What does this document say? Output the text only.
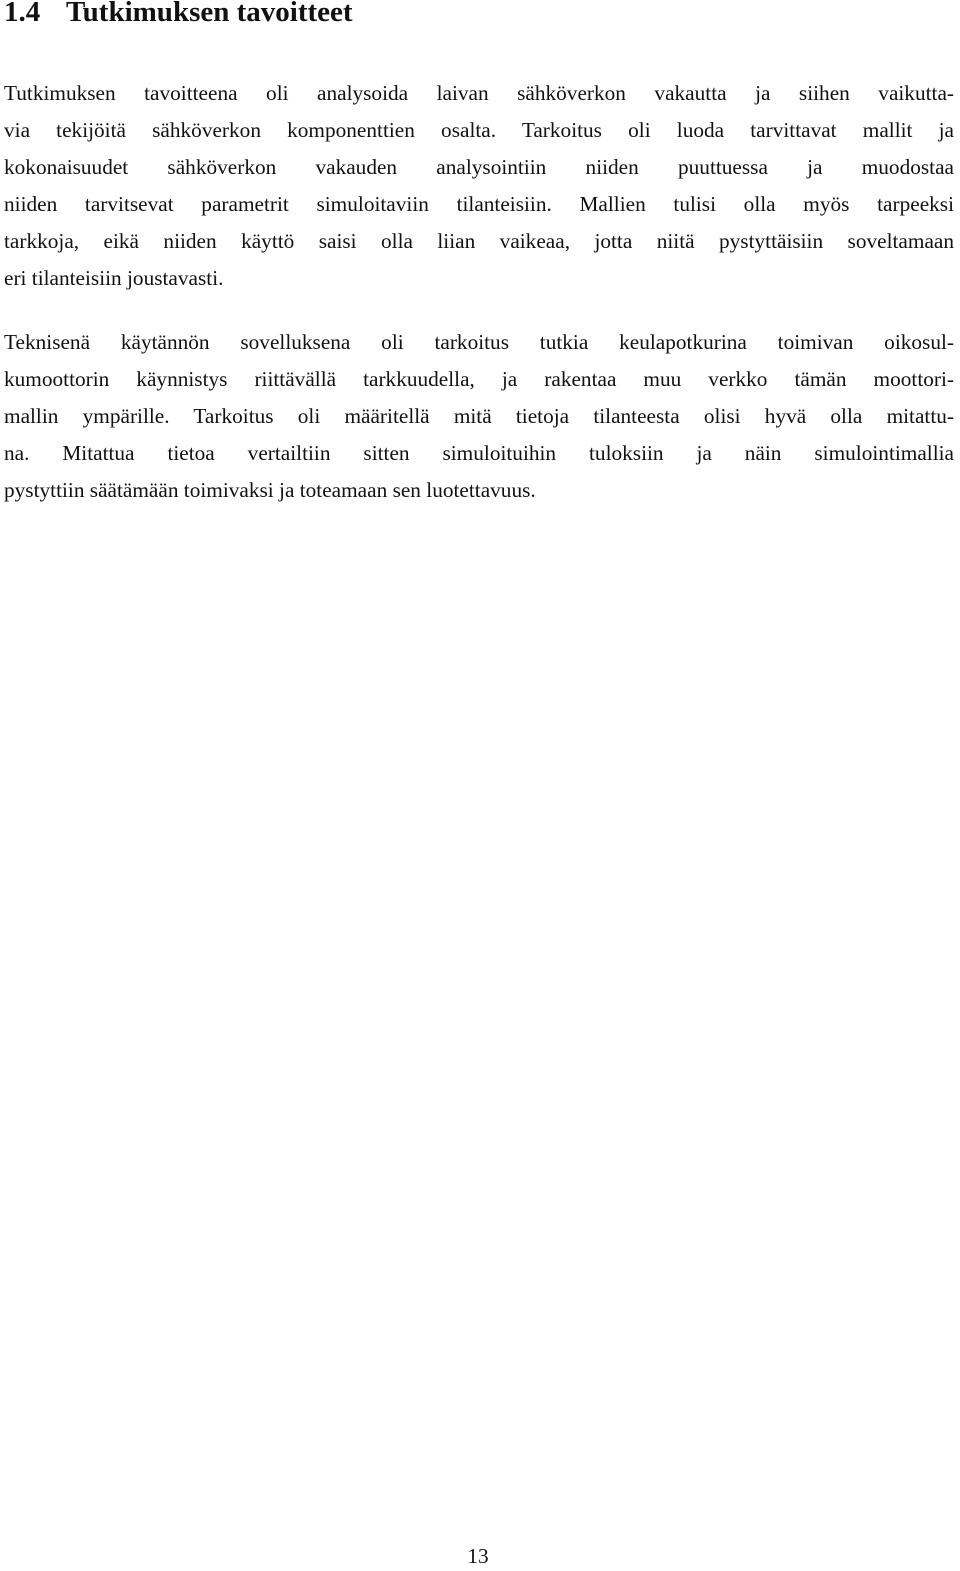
1.4 Tutkimuksen tavoitteet

Tutkimuksen tavoitteena oli analysoida laivan sähköverkon vakautta ja siihen vaikutta-

via tekijöitä sähköverkon komponenttien osalta. Tarkoitus oli luoda tarvittavat mallit ja

kokonaisuudet sähköverkon vakauden analysointiin niiden puuttuessa ja muodostaa

niiden tarvitsevat parametrit simuloitaviin tilanteisiin. Mallien tulisi olla myös tarpeeksi

tarkkoja, eikä niiden käyttö saisi olla liian vaikeaa, jotta niitä pystyttäisiin soveltamaan

eri tilanteisiin joustavasti.

Teknisenä käytännön sovelluksena oli tarkoitus tutkia keulapotkurina toimivan oikosul-

kumoottorin käynnistys riittävällä tarkkuudella, ja rakentaa muu verkko tämän moottori-

mallin ympärille. Tarkoitus oli määritellä mitä tietoja tilanteesta olisi hyvä olla mitattu-

na. Mitattua tietoa vertailtiin sitten simuloituihin tuloksiin ja näin simulointimallia

pystyttiin säätämään toimivaksi ja toteamaan sen luotettavuus.

13
